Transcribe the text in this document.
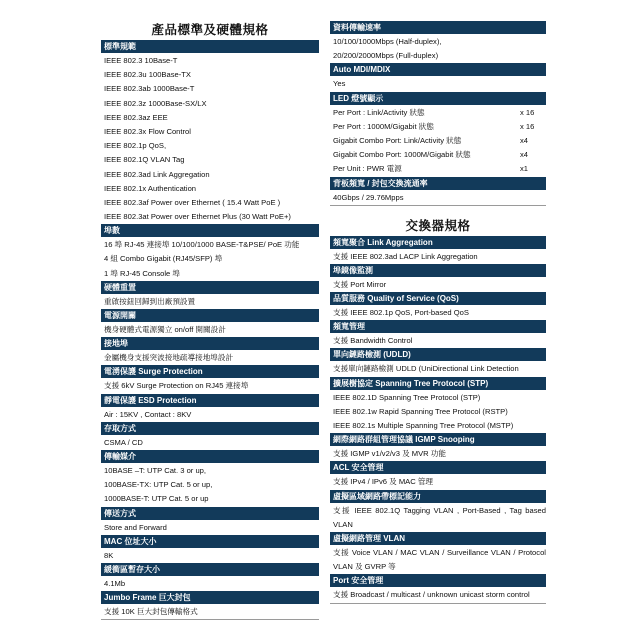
產品標準及硬體規格
標準規範
IEEE 802.3 10Base-T
IEEE 802.3u 100Base-TX
IEEE 802.3ab 1000Base-T
IEEE 802.3z 1000Base-SX/LX
IEEE 802.3az EEE
IEEE 802.3x Flow Control
IEEE 802.1p QoS,
IEEE 802.1Q VLAN Tag
IEEE 802.3ad Link Aggregation
IEEE 802.1x Authentication
IEEE 802.3af Power over Ethernet ( 15.4 Watt PoE )
IEEE 802.3at Power over Ethernet Plus (30 Watt PoE+)
埠數
16 埠 RJ-45 連接埠 10/100/1000 BASE-T&PSE/ PoE 功能
4 組 Combo Gigabit (RJ45/SFP) 埠
1 埠 RJ-45 Console 埠
硬體重置
重啟按鈕回歸到出廠預設置
電源開關
機身硬體式電源獨立 on/off 開關設計
接地埠
金屬機身支援突波接地疏導接地埠設計
電湧保護 Surge Protection
支援 6kV Surge Protection on RJ45 連接埠
靜電保護 ESD Protection
Air : 15KV , Contact : 8KV
存取方式
CSMA / CD
傳輸媒介
10BASE –T: UTP Cat. 3 or up,
100BASE-TX: UTP Cat. 5 or up,
1000BASE-T: UTP Cat. 5 or up
傳送方式
Store and Forward
MAC 位址大小
8K
緩衝區暫存大小
4.1Mb
Jumbo Frame 巨大封包
支援 10K 巨大封包傳輸格式
資料傳輸速率
10/100/1000Mbps (Half-duplex),
20/200/2000Mbps (Full-duplex)
Auto MDI/MDIX
Yes
LED 燈號顯示
Per Port : Link/Activity 狀態	x 16
Per Port : 1000M/Gigabit 狀態	x 16
Gigabit Combo Port: Link/Activity 狀態	x4
Gigabit Combo Port: 1000M/Gigabit 狀態	x4
Per Unit : PWR 電源	x1
背板頻寬 / 封包交換流通率
40Gbps / 29.76Mpps
交換器規格
頻寬聚合 Link Aggregation
支援 IEEE 802.3ad LACP Link Aggregation
埠鏡像監測
支援 Port Mirror
品質服務 Quality of Service (QoS)
支援 IEEE 802.1p QoS, Port-based QoS
頻寬管理
支援 Bandwidth Control
單向鏈路檢測 (UDLD)
支援單向鏈路檢測 UDLD (UniDirectional Link Detection
擴展樹協定 Spanning Tree Protocol (STP)
IEEE 802.1D Spanning Tree Protocol (STP)
IEEE 802.1w Rapid Spanning Tree Protocol (RSTP)
IEEE 802.1s Multiple Spanning Tree Protocol (MSTP)
網際網路群組管理協議 IGMP Snooping
支援 IGMP v1/v2/v3 及 MVR 功能
ACL 安全管理
支援 IPv4 / IPv6 及 MAC 管理
虛擬區域網路帶標記能力
支援 IEEE 802.1Q Tagging VLAN , Port-Based , Tag based VLAN
虛擬網路管理 VLAN
支援 Voice VLAN / MAC VLAN / Surveillance VLAN / Protocol VLAN 及 GVRP 等
Port 安全管理
支援 Broadcast / multicast / unknown unicast storm control
